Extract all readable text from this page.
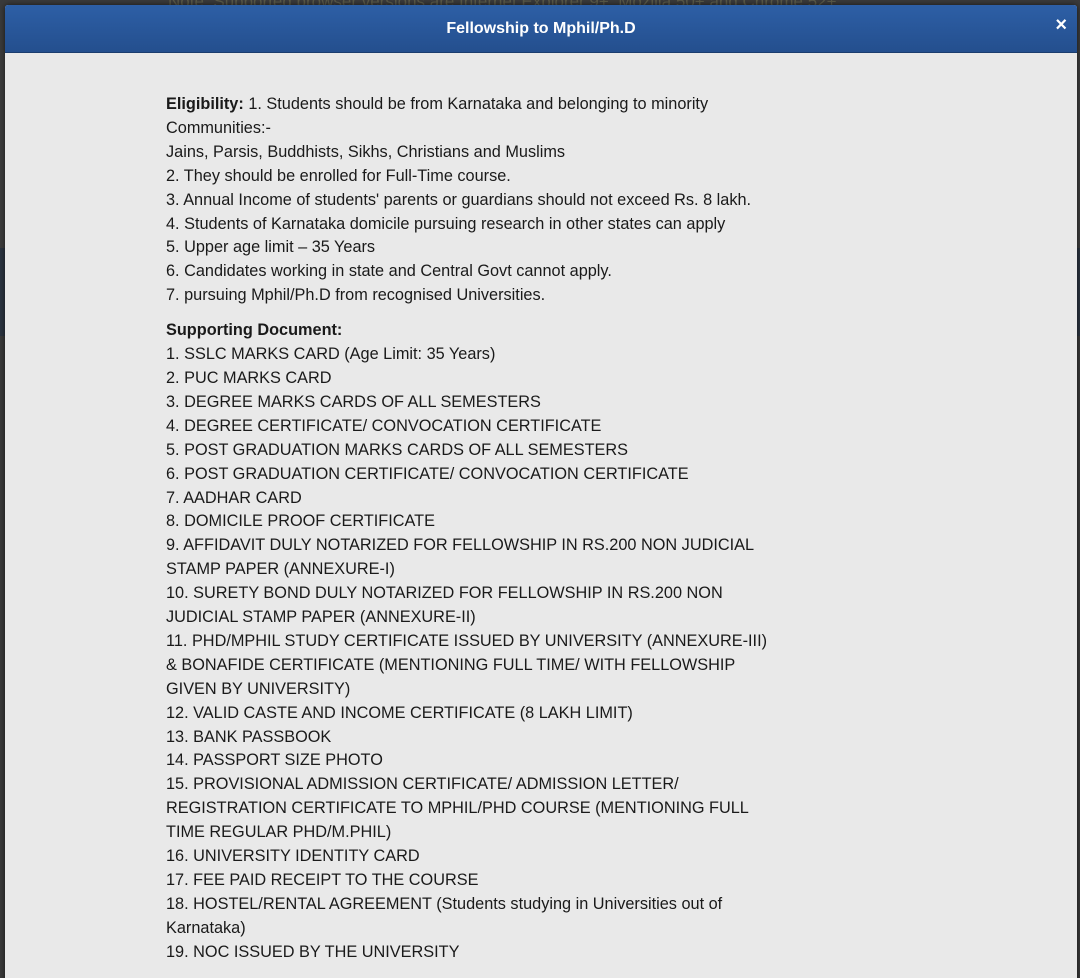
Fellowship to Mphil/Ph.D	×

Eligibility: 1. Students should be from Karnataka and belonging to minority Communities:-

Jains, Parsis, Buddhists, Sikhs, Christians and Muslims

2. They should be enrolled for Full-Time course.

3. Annual Income of students' parents or guardians should not exceed Rs. 8 lakh.

4. Students of Karnataka domicile pursuing research in other states can apply

5. Upper age limit – 35 Years

6. Candidates working in state and Central Govt cannot apply.

7. pursuing Mphil/Ph.D from recognised Universities.

Supporting Document:

1. SSLC MARKS CARD (Age Limit: 35 Years)
2. PUC MARKS CARD
3. DEGREE MARKS CARDS OF ALL SEMESTERS
4. DEGREE CERTIFICATE/ CONVOCATION CERTIFICATE
5. POST GRADUATION MARKS CARDS OF ALL SEMESTERS
6. POST GRADUATION CERTIFICATE/ CONVOCATION CERTIFICATE
7. AADHAR CARD
8. DOMICILE PROOF CERTIFICATE
9. AFFIDAVIT DULY NOTARIZED FOR FELLOWSHIP IN RS.200 NON JUDICIAL STAMP PAPER (ANNEXURE-I)
10. SURETY BOND DULY NOTARIZED FOR FELLOWSHIP IN RS.200 NON JUDICIAL STAMP PAPER (ANNEXURE-II)
11. PHD/MPHIL STUDY CERTIFICATE ISSUED BY UNIVERSITY (ANNEXURE-III) & BONAFIDE CERTIFICATE (MENTIONING FULL TIME/ WITH FELLOWSHIP GIVEN BY UNIVERSITY)
12. VALID CASTE AND INCOME CERTIFICATE (8 LAKH LIMIT)
13. BANK PASSBOOK
14. PASSPORT SIZE PHOTO
15. PROVISIONAL ADMISSION CERTIFICATE/ ADMISSION LETTER/ REGISTRATION CERTIFICATE TO MPHIL/PHD COURSE (MENTIONING FULL TIME REGULAR PHD/M.PHIL)
16. UNIVERSITY IDENTITY CARD
17. FEE PAID RECEIPT TO THE COURSE
18. HOSTEL/RENTAL AGREEMENT (Students studying in Universities out of Karnataka)
19. NOC ISSUED BY THE UNIVERSITY
